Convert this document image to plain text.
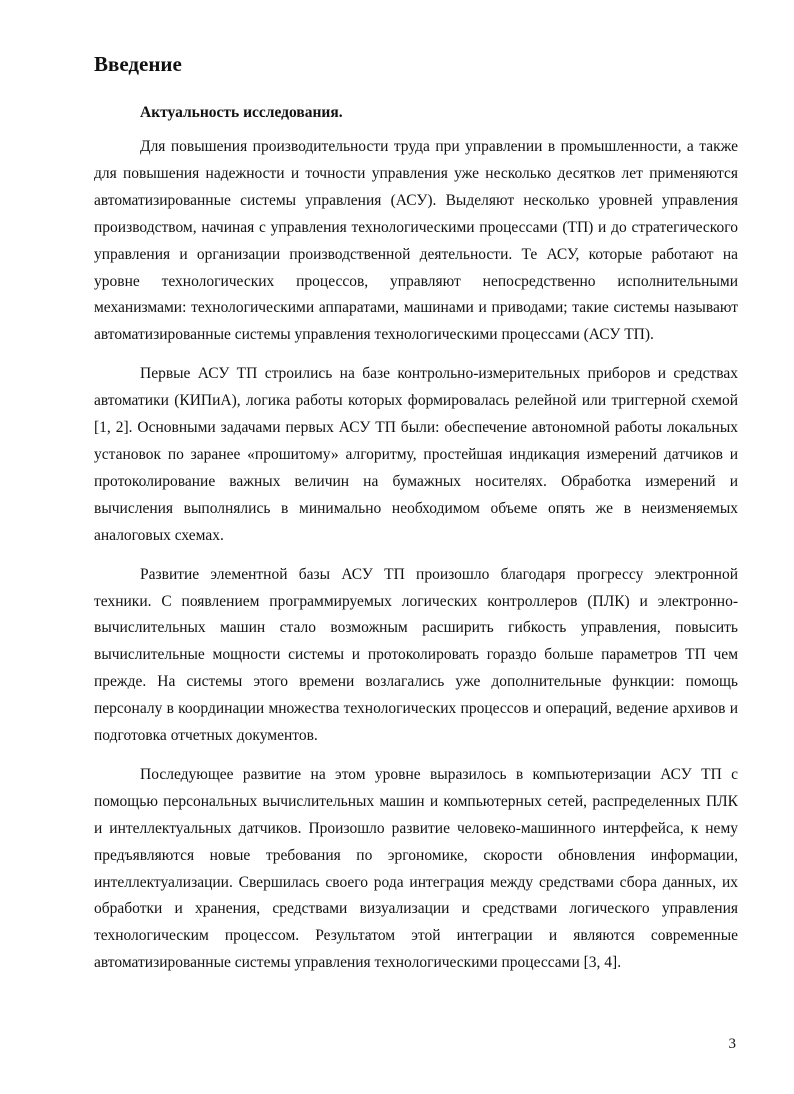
Введение
Актуальность исследования.

Для повышения производительности труда при управлении в промышленности, а также для повышения надежности и точности управления уже несколько десятков лет применяются автоматизированные системы управления (АСУ). Выделяют несколько уровней управления производством, начиная с управления технологическими процессами (ТП) и до стратегического управления и организации производственной деятельности. Те АСУ, которые работают на уровне технологических процессов, управляют непосредственно исполнительными механизмами: технологическими аппаратами, машинами и приводами; такие системы называют автоматизированные системы управления технологическими процессами (АСУ ТП).

Первые АСУ ТП строились на базе контрольно-измерительных приборов и средствах автоматики (КИПиА), логика работы которых формировалась релейной или триггерной схемой [1, 2]. Основными задачами первых АСУ ТП были: обеспечение автономной работы локальных установок по заранее «прошитому» алгоритму, простейшая индикация измерений датчиков и протоколирование важных величин на бумажных носителях. Обработка измерений и вычисления выполнялись в минимально необходимом объеме опять же в неизменяемых аналоговых схемах.

Развитие элементной базы АСУ ТП произошло благодаря прогрессу электронной техники. С появлением программируемых логических контроллеров (ПЛК) и электронно-вычислительных машин стало возможным расширить гибкость управления, повысить вычислительные мощности системы и протоколировать гораздо больше параметров ТП чем прежде. На системы этого времени возлагались уже дополнительные функции: помощь персоналу в координации множества технологических процессов и операций, ведение архивов и подготовка отчетных документов.

Последующее развитие на этом уровне выразилось в компьютеризации АСУ ТП с помощью персональных вычислительных машин и компьютерных сетей, распределенных ПЛК и интеллектуальных датчиков. Произошло развитие человеко-машинного интерфейса, к нему предъявляются новые требования по эргономике, скорости обновления информации, интеллектуализации. Свершилась своего рода интеграция между средствами сбора данных, их обработки и хранения, средствами визуализации и средствами логического управления технологическим процессом. Результатом этой интеграции и являются современные автоматизированные системы управления технологическими процессами [3, 4].

3
